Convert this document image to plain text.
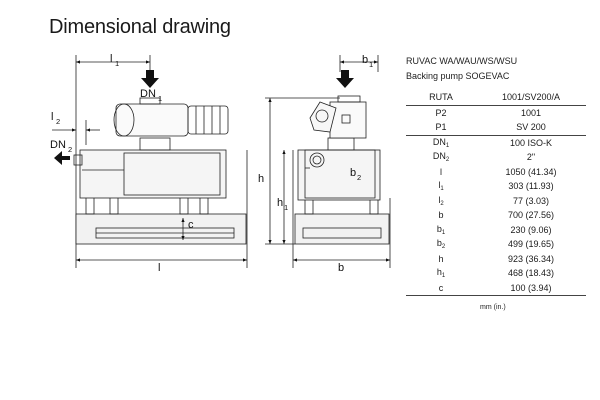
Dimensional drawing
l 1
l 2
DN 1
DN 2
c
l
h
h 1
b
b 1
b 2
RUVAC WA/WAU/WS/WSU
Backing pump SOGEVAC
RUTA	1001/SV200/A
P2	1001
P1	SV 200
$DN_1$	100 ISO-K
$DN_2$	2"
l	1050 (41.34)
$l_1$	303 (11.93)
$l_2$	77 (3.03)
b	700 (27.56)
$b_1$	230 (9.06)
$b_2$	499 (19.65)
h	923 (36.34)
$h_1$	468 (18.43)
c	100 (3.94)
mm (in.)
